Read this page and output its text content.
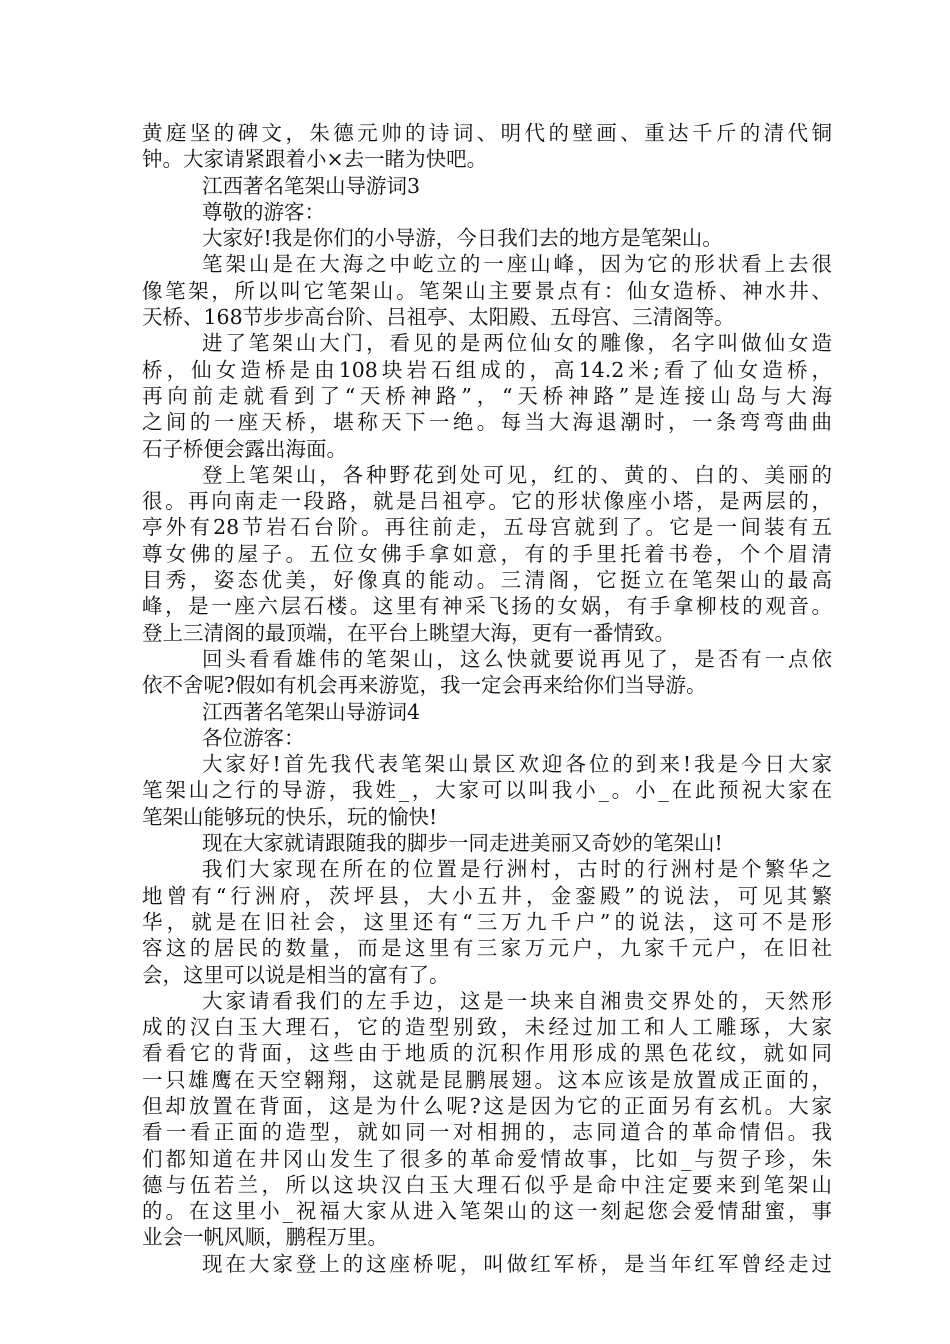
黄庭坚的碑文，朱德元帅的诗词、明代的壁画、重达千斤的清代铜
钟。大家请紧跟着小×去一睹为快吧。
江西著名笔架山导游词3
尊敬的游客：
大家好!我是你们的小导游，今日我们去的地方是笔架山。
笔架山是在大海之中屹立的一座山峰，因为它的形状看上去很
像笔架，所以叫它笔架山。笔架山主要景点有：仙女造桥、神水井、
天桥、168节步步高台阶、吕祖亭、太阳殿、五母宫、三清阁等。
进了笔架山大门，看见的是两位仙女的雕像，名字叫做仙女造
桥，仙女造桥是由108块岩石组成的，高14.2米;看了仙女造桥，
再向前走就看到了“天桥神路”，“天桥神路”是连接山岛与大海
之间的一座天桥，堪称天下一绝。每当大海退潮时，一条弯弯曲曲
石子桥便会露出海面。
登上笔架山，各种野花到处可见，红的、黄的、白的、美丽的
很。再向南走一段路，就是吕祖亭。它的形状像座小塔，是两层的，
亭外有28节岩石台阶。再往前走，五母宫就到了。它是一间装有五
尊女佛的屋子。五位女佛手拿如意，有的手里托着书卷，个个眉清
目秀，姿态优美，好像真的能动。三清阁，它挺立在笔架山的最高
峰，是一座六层石楼。这里有神采飞扬的女娲，有手拿柳枝的观音。
登上三清阁的最顶端，在平台上眺望大海，更有一番情致。
回头看看雄伟的笔架山，这么快就要说再见了，是否有一点依
依不舍呢?假如有机会再来游览，我一定会再来给你们当导游。
江西著名笔架山导游词4
各位游客：
大家好!首先我代表笔架山景区欢迎各位的到来!我是今日大家
笔架山之行的导游，我姓_，大家可以叫我小_。小_在此预祝大家在
笔架山能够玩的快乐，玩的愉快!
现在大家就请跟随我的脚步一同走进美丽又奇妙的笔架山!
我们大家现在所在的位置是行洲村，古时的行洲村是个繁华之
地曾有“行洲府，茨坪县，大小五井，金銮殿”的说法，可见其繁
华，就是在旧社会，这里还有“三万九千户”的说法，这可不是形
容这的居民的数量，而是这里有三家万元户，九家千元户，在旧社
会，这里可以说是相当的富有了。
大家请看我们的左手边，这是一块来自湘贵交界处的，天然形
成的汉白玉大理石，它的造型别致，未经过加工和人工雕琢，大家
看看它的背面，这些由于地质的沉积作用形成的黑色花纹，就如同
一只雄鹰在天空翱翔，这就是昆鹏展翅。这本应该是放置成正面的，
但却放置在背面，这是为什么呢?这是因为它的正面另有玄机。大家
看一看正面的造型，就如同一对相拥的，志同道合的革命情侣。我
们都知道在井冈山发生了很多的革命爱情故事，比如_与贺子珍，朱
德与伍若兰，所以这块汉白玉大理石似乎是命中注定要来到笔架山
的。在这里小_祝福大家从进入笔架山的这一刻起您会爱情甜蜜，事
业会一帆风顺，鹏程万里。
现在大家登上的这座桥呢，叫做红军桥，是当年红军曾经走过
